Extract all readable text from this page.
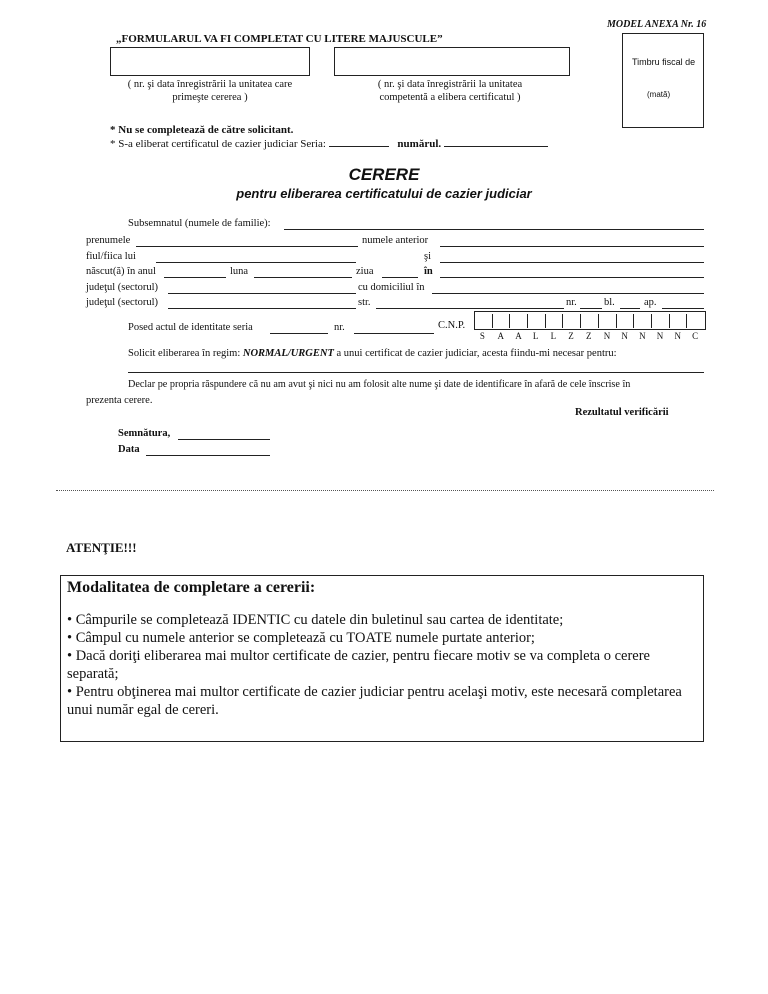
MODEL ANEXA Nr. 16
„FORMULARUL VA FI COMPLETAT CU LITERE MAJUSCULE”
( nr. şi data înregistrării la unitatea care
primeşte cererea )
( nr. şi data înregistrării la unitatea
competentă a elibera certificatul )
Timbru fiscal de
(mată)
* Nu se completează de către solicitant.
* S-a eliberat certificatul de cazier judiciar Seria:	numărul.
CERERE
pentru eliberarea certificatului de cazier judiciar
Subsemnatul (numele de familie):
prenumele	numele anterior
fiul/fiica lui	şi
născut(ă) în anul	luna	ziua	în
judeţul (sectorul)	cu domiciliul în
judeţul (sectorul)	str.	nr.	bl.	ap.
Posed actul de identitate seria	nr.	C.N.P.
S A A L L Z Z N N N N N C
Solicit eliberarea în regim: NORMAL/URGENT a unui certificat de cazier judiciar, acesta fiindu-mi necesar pentru:
Declar pe propria răspundere că nu am avut şi nici nu am folosit alte nume şi date de identificare în afară de cele înscrise în
prezenta cerere.
Rezultatul verificării
Semnătura,
Data
ATENŢIE!!!
Modalitatea de completare a cererii:
• Câmpurile se completează IDENTIC cu datele din buletinul sau cartea de identitate;
• Câmpul cu numele anterior se completează cu TOATE numele purtate anterior;
• Dacă doriţi eliberarea mai multor certificate de cazier, pentru fiecare motiv se va completa o cerere separată;
• Pentru obţinerea mai multor certificate de cazier judiciar pentru acelaşi motiv, este necesară completarea unui număr egal de cereri.
